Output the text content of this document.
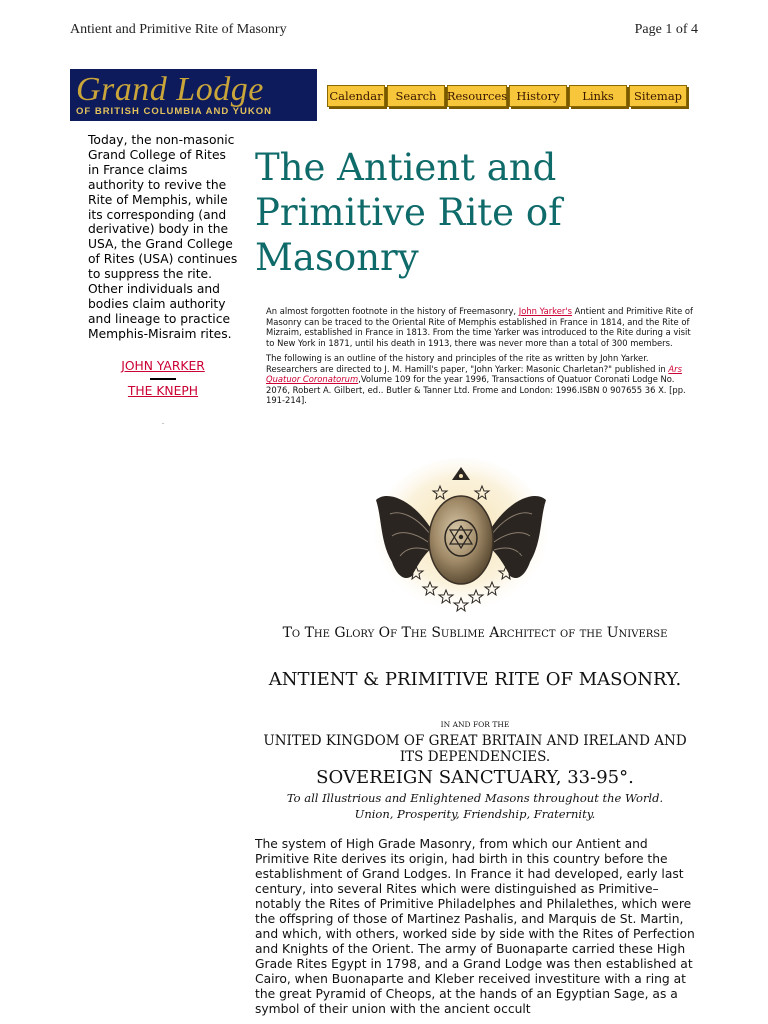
Antient and Primitive Rite of Masonry	Page 1 of 4
Grand Lodge
OF BRITISH COLUMBIA AND YUKON
Calendar	Search Resources History	Links	Sitemap
Today, the non-masonic Grand College of Rites in France claims authority to revive the Rite of Memphis, while its corresponding (and derivative) body in the USA, the Grand College of Rites (USA) continues to suppress the rite. Other individuals and bodies claim authority and lineage to practice Memphis-Misraim rites.
JOHN YARKER
THE KNEPH
.
The Antient and Primitive Rite of Masonry

An almost forgotten footnote in the history of Freemasonry, John Yarker's Antient and Primitive Rite of Masonry can be traced to the Oriental Rite of Memphis established in France in 1814, and the Rite of Mizraim, established in France in 1813. From the time Yarker was introduced to the Rite during a visit to New York in 1871, until his death in 1913, there was never more than a total of 300 members.

The following is an outline of the history and principles of the rite as written by John Yarker. Researchers are directed to J. M. Hamill's paper, "John Yarker: Masonic Charletan?" published in Ars Quatuor Coronatorum,Volume 109 for the year 1996, Transactions of Quatuor Coronati Lodge No. 2076, Robert A. Gilbert, ed.. Butler & Tanner Ltd. Frome and London: 1996.ISBN 0 907655 36 X. [pp. 191-214].

To The Glory Of The Sublime Architect of the Universe
ANTIENT & PRIMITIVE RITE OF MASONRY.
IN AND FOR THE
UNITED KINGDOM OF GREAT BRITAIN AND IRELAND AND ITS DEPENDENCIES.
SOVEREIGN SANCTUARY, 33-95°.
To all Illustrious and Enlightened Masons throughout the World.
Union, Prosperity, Friendship, Fraternity.
The system of High Grade Masonry, from which our Antient and Primitive Rite derives its origin, had birth in this country before the establishment of Grand Lodges. In France it had developed, early last century, into several Rites which were distinguished as Primitive–notably the Rites of Primitive Philadelphes and Philalethes, which were the offspring of those of Martinez Pashalis, and Marquis de St. Martin, and which, with others, worked side by side with the Rites of Perfection and Knights of the Orient. The army of Buonaparte carried these High Grade Rites Egypt in 1798, and a Grand Lodge was then established at Cairo, when Buonaparte and Kleber received investiture with a ring at the great Pyramid of Cheops, at the hands of an Egyptian Sage, as a symbol of their union with the ancient occult
